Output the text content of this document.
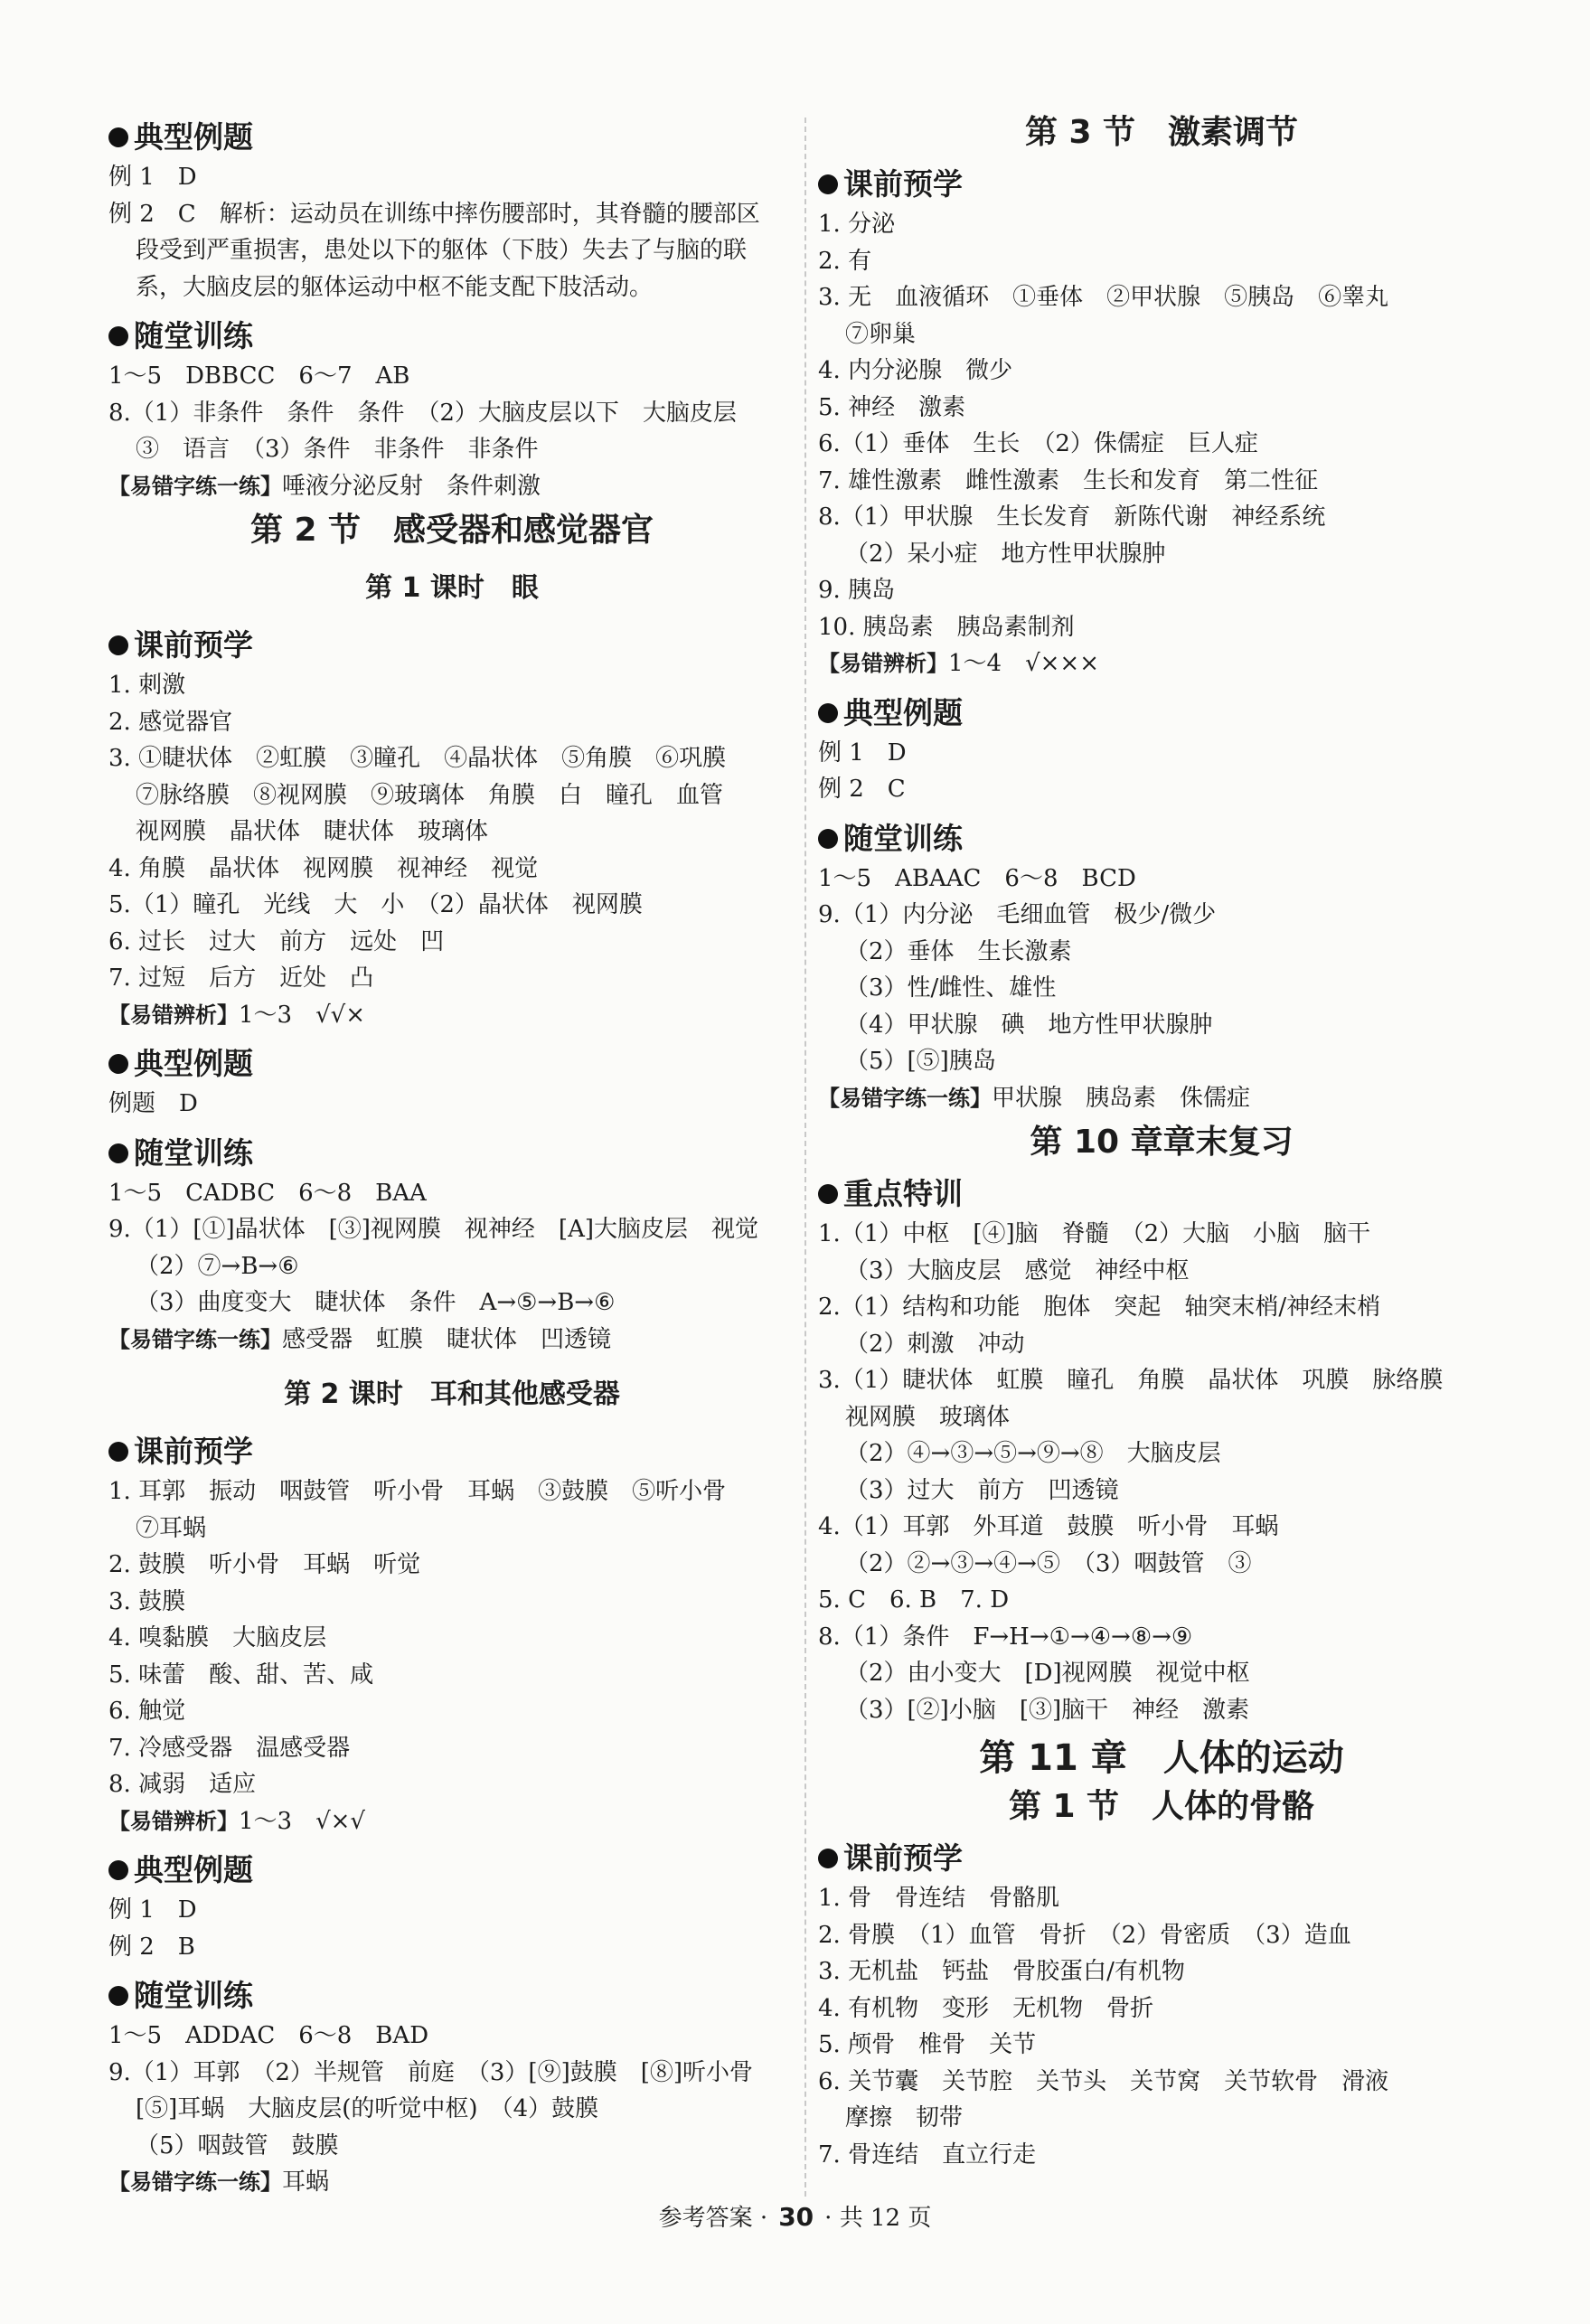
典型例题
例 1　D
例 2　C　解析：运动员在训练中摔伤腰部时，其脊髓的腰部区
段受到严重损害，患处以下的躯体（下肢）失去了与脑的联
系，大脑皮层的躯体运动中枢不能支配下肢活动。
随堂训练
1～5　DBBCC　6～7　AB
8.（1）非条件　条件　条件　（2）大脑皮层以下　大脑皮层
③　语言　（3）条件　非条件　非条件
【易错字练一练】唾液分泌反射　条件刺激
第 2 节　感受器和感觉器官
第 1 课时　眼
课前预学
1. 刺激
2. 感觉器官
3. ①睫状体　②虹膜　③瞳孔　④晶状体　⑤角膜　⑥巩膜
⑦脉络膜　⑧视网膜　⑨玻璃体　角膜　白　瞳孔　血管
视网膜　晶状体　睫状体　玻璃体
4. 角膜　晶状体　视网膜　视神经　视觉
5.（1）瞳孔　光线　大　小　（2）晶状体　视网膜
6. 过长　过大　前方　远处　凹
7. 过短　后方　近处　凸
【易错辨析】1～3　√√×
典型例题
例题　D
随堂训练
1～5　CADBC　6～8　BAA
9.（1）[①]晶状体　[③]视网膜　视神经　[A]大脑皮层　视觉
（2）⑦→B→⑥
（3）曲度变大　睫状体　条件　A→⑤→B→⑥
【易错字练一练】感受器　虹膜　睫状体　凹透镜
第 2 课时　耳和其他感受器
课前预学
1. 耳郭　振动　咽鼓管　听小骨　耳蜗　③鼓膜　⑤听小骨
⑦耳蜗
2. 鼓膜　听小骨　耳蜗　听觉
3. 鼓膜
4. 嗅黏膜　大脑皮层
5. 味蕾　酸、甜、苦、咸
6. 触觉
7. 冷感受器　温感受器
8. 减弱　适应
【易错辨析】1～3　√×√
典型例题
例 1　D
例 2　B
随堂训练
1～5　ADDAC　6～8　BAD
9.（1）耳郭　（2）半规管　前庭　（3）[⑨]鼓膜　[⑧]听小骨
[⑤]耳蜗　大脑皮层(的听觉中枢)　（4）鼓膜
（5）咽鼓管　鼓膜
【易错字练一练】耳蜗
第 3 节　激素调节
课前预学
1. 分泌
2. 有
3. 无　血液循环　①垂体　②甲状腺　⑤胰岛　⑥睾丸
⑦卵巢
4. 内分泌腺　微少
5. 神经　激素
6.（1）垂体　生长　（2）侏儒症　巨人症
7. 雄性激素　雌性激素　生长和发育　第二性征
8.（1）甲状腺　生长发育　新陈代谢　神经系统
（2）呆小症　地方性甲状腺肿
9. 胰岛
10. 胰岛素　胰岛素制剂
【易错辨析】1～4　√×××
典型例题
例 1　D
例 2　C
随堂训练
1～5　ABAAC　6～8　BCD
9.（1）内分泌　毛细血管　极少/微少
（2）垂体　生长激素
（3）性/雌性、雄性
（4）甲状腺　碘　地方性甲状腺肿
（5）[⑤]胰岛
【易错字练一练】甲状腺　胰岛素　侏儒症
第 10 章章末复习
重点特训
1.（1）中枢　[④]脑　脊髓　（2）大脑　小脑　脑干
（3）大脑皮层　感觉　神经中枢
2.（1）结构和功能　胞体　突起　轴突末梢/神经末梢
（2）刺激　冲动
3.（1）睫状体　虹膜　瞳孔　角膜　晶状体　巩膜　脉络膜
视网膜　玻璃体
（2）④→③→⑤→⑨→⑧　大脑皮层
（3）过大　前方　凹透镜
4.（1）耳郭　外耳道　鼓膜　听小骨　耳蜗
（2）②→③→④→⑤　（3）咽鼓管　③
5. C　6. B　7. D
8.（1）条件　F→H→①→④→⑧→⑨
（2）由小变大　[D]视网膜　视觉中枢
（3）[②]小脑　[③]脑干　神经　激素
第 11 章　人体的运动
第 1 节　人体的骨骼
课前预学
1. 骨　骨连结　骨骼肌
2. 骨膜　（1）血管　骨折　（2）骨密质　（3）造血
3. 无机盐　钙盐　骨胶蛋白/有机物
4. 有机物　变形　无机物　骨折
5. 颅骨　椎骨　关节
6. 关节囊　关节腔　关节头　关节窝　关节软骨　滑液
摩擦　韧带
7. 骨连结　直立行走
参考答案 · 30 · 共 12 页
